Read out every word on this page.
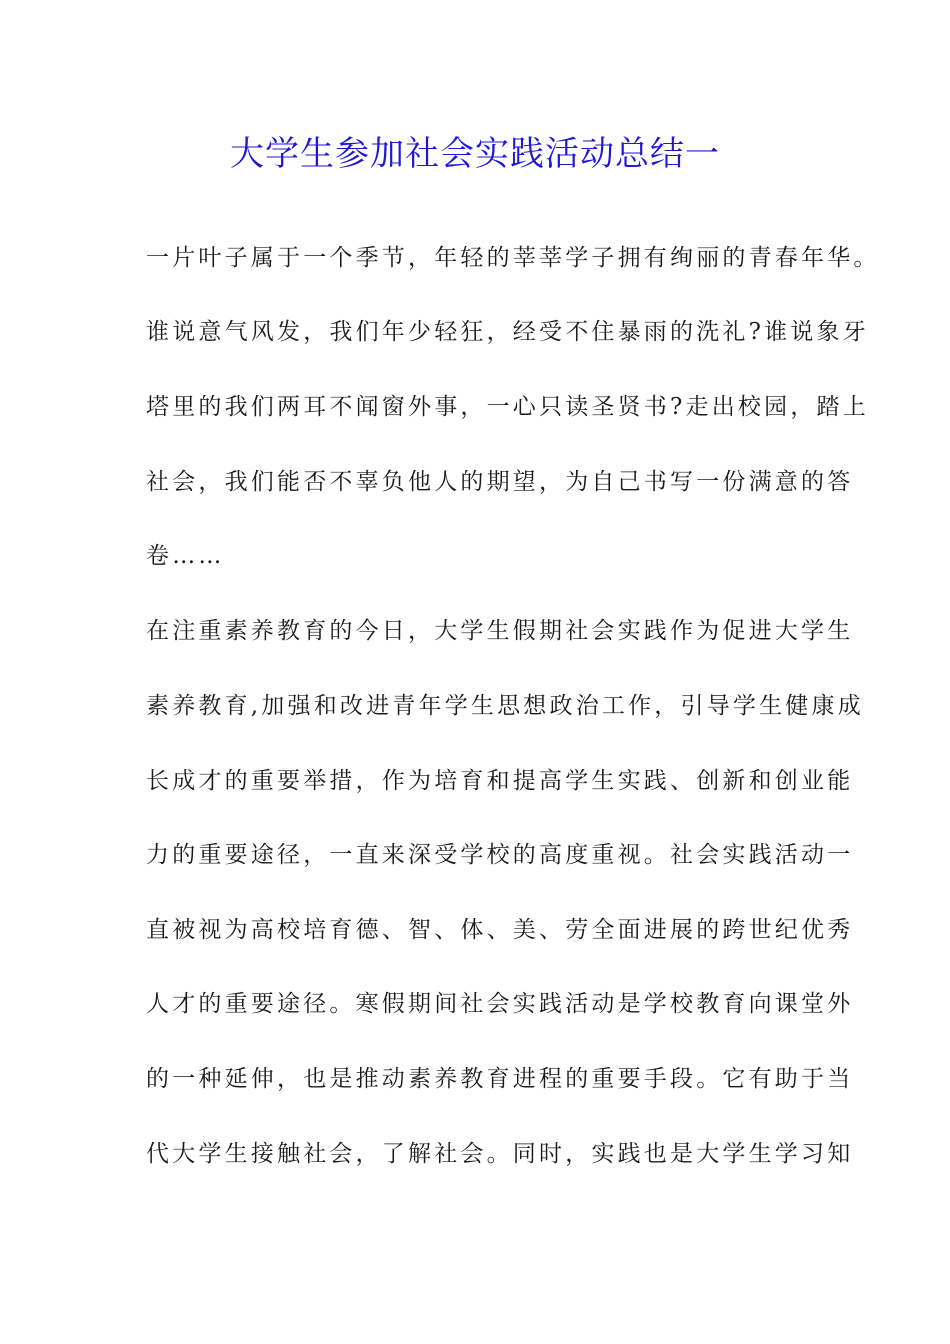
大学生参加社会实践活动总结一
一片叶子属于一个季节，年轻的莘莘学子拥有绚丽的青春年华。
谁说意气风发，我们年少轻狂，经受不住暴雨的洗礼?谁说象牙
塔里的我们两耳不闻窗外事，一心只读圣贤书?走出校园，踏上
社会，我们能否不辜负他人的期望，为自己书写一份满意的答
卷……
在注重素养教育的今日，大学生假期社会实践作为促进大学生
素养教育,加强和改进青年学生思想政治工作，引导学生健康成
长成才的重要举措，作为培育和提高学生实践、创新和创业能
力的重要途径，一直来深受学校的高度重视。社会实践活动一
直被视为高校培育德、智、体、美、劳全面进展的跨世纪优秀
人才的重要途径。寒假期间社会实践活动是学校教育向课堂外
的一种延伸，也是推动素养教育进程的重要手段。它有助于当
代大学生接触社会，了解社会。同时，实践也是大学生学习知
